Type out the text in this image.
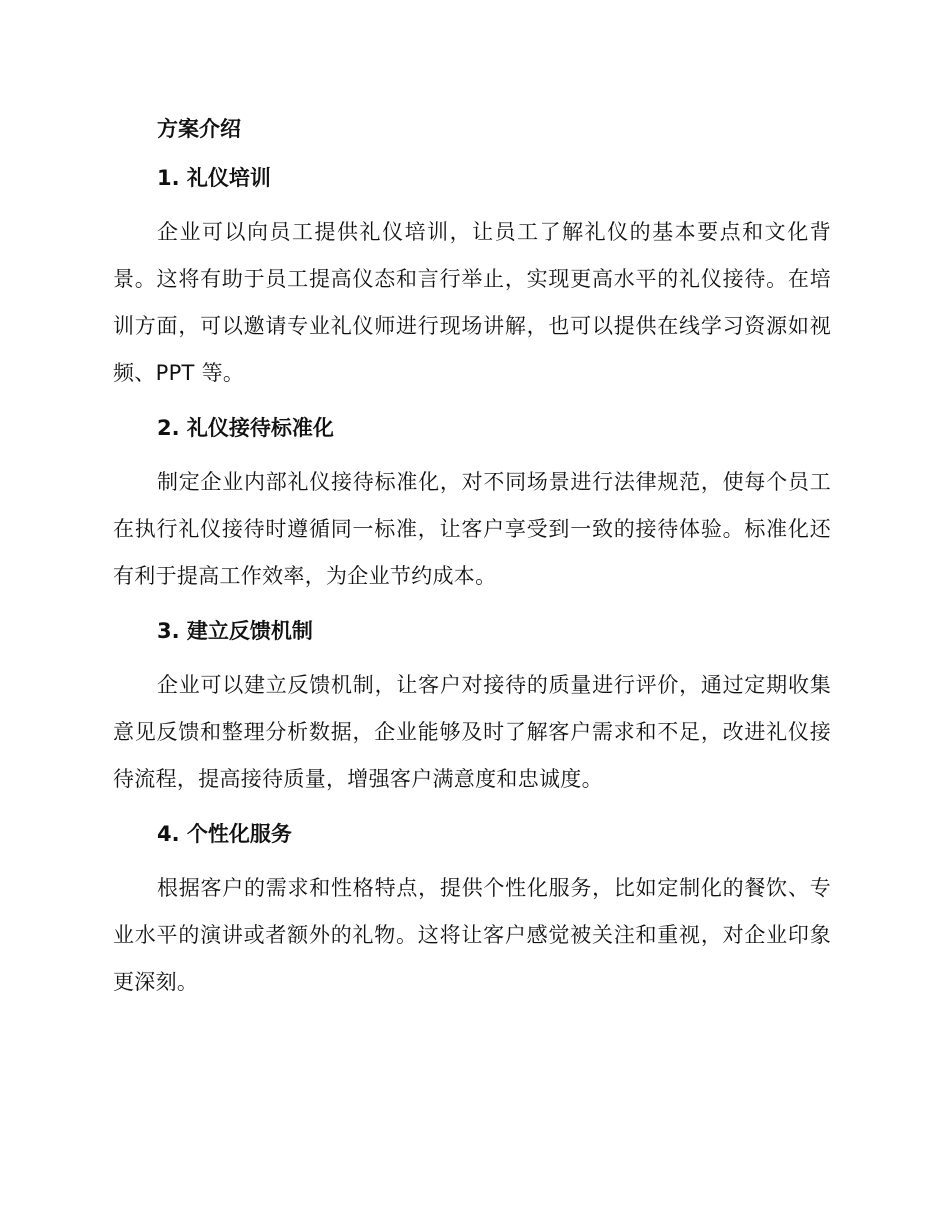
方案介绍
1. 礼仪培训

企业可以向员工提供礼仪培训，让员工了解礼仪的基本要点和文化背景。这将有助于员工提高仪态和言行举止，实现更高水平的礼仪接待。在培训方面，可以邀请专业礼仪师进行现场讲解，也可以提供在线学习资源如视频、PPT 等。

2. 礼仪接待标准化

制定企业内部礼仪接待标准化，对不同场景进行法律规范，使每个员工在执行礼仪接待时遵循同一标准，让客户享受到一致的接待体验。标准化还有利于提高工作效率，为企业节约成本。

3. 建立反馈机制

企业可以建立反馈机制，让客户对接待的质量进行评价，通过定期收集意见反馈和整理分析数据，企业能够及时了解客户需求和不足，改进礼仪接待流程，提高接待质量，增强客户满意度和忠诚度。

4. 个性化服务

根据客户的需求和性格特点，提供个性化服务，比如定制化的餐饮、专业水平的演讲或者额外的礼物。这将让客户感觉被关注和重视，对企业印象更深刻。
